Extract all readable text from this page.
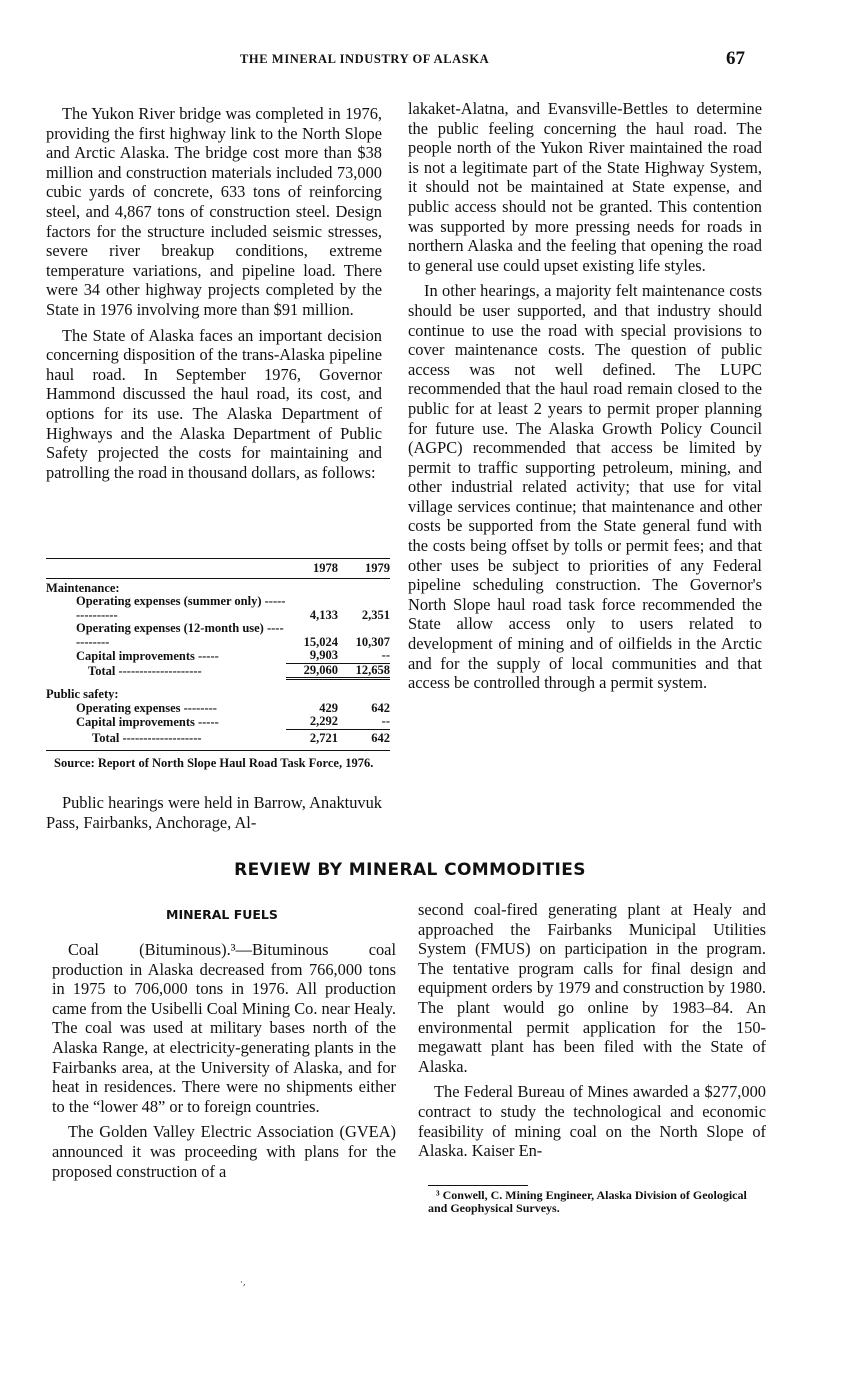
THE MINERAL INDUSTRY OF ALASKA	67

The Yukon River bridge was completed in 1976, providing the first highway link to the North Slope and Arctic Alaska. The bridge cost more than $38 million and construction materials included 73,000 cubic yards of concrete, 633 tons of reinforcing steel, and 4,867 tons of construction steel. Design factors for the structure included seismic stresses, severe river breakup conditions, extreme temperature variations, and pipeline load. There were 34 other highway projects completed by the State in 1976 involving more than $91 million.

The State of Alaska faces an important decision concerning disposition of the trans-Alaska pipeline haul road. In September 1976, Governor Hammond discussed the haul road, its cost, and options for its use. The Alaska Department of Highways and the Alaska Department of Public Safety projected the costs for maintaining and patrolling the road in thousand dollars, as follows:

	1978	1979
Maintenance:		
Operating expenses (summer only) ---------------	4,133	2,351
Operating expenses (12-month use) ------------	15,024	10,307
Capital improvements -----	9,903	--
Total --------------------	29,060	12,658
Public safety:		
Operating expenses --------	429	642
Capital improvements -----	2,292	--
Total -------------------	2,721	642
Source: Report of North Slope Haul Road Task Force, 1976.

Public hearings were held in Barrow, Anaktuvuk Pass, Fairbanks, Anchorage, Al-

lakaket-Alatna, and Evansville-Bettles to determine the public feeling concerning the haul road. The people north of the Yukon River maintained the road is not a legitimate part of the State Highway System, it should not be maintained at State expense, and public access should not be granted. This contention was supported by more pressing needs for roads in northern Alaska and the feeling that opening the road to general use could upset existing life styles.

In other hearings, a majority felt maintenance costs should be user supported, and that industry should continue to use the road with special provisions to cover maintenance costs. The question of public access was not well defined. The LUPC recommended that the haul road remain closed to the public for at least 2 years to permit proper planning for future use. The Alaska Growth Policy Council (AGPC) recommended that access be limited by permit to traffic supporting petroleum, mining, and other industrial related activity; that use for vital village services continue; that maintenance and other costs be supported from the State general fund with the costs being offset by tolls or permit fees; and that other uses be subject to priorities of any Federal pipeline scheduling construction. The Governor's North Slope haul road task force recommended the State allow access only to users related to development of mining and of oilfields in the Arctic and for the supply of local communities and that access be controlled through a permit system.

REVIEW BY MINERAL COMMODITIES
MINERAL FUELS

Coal (Bituminous).³—Bituminous coal production in Alaska decreased from 766,000 tons in 1975 to 706,000 tons in 1976. All production came from the Usibelli Coal Mining Co. near Healy. The coal was used at military bases north of the Alaska Range, at electricity-generating plants in the Fairbanks area, at the University of Alaska, and for heat in residences. There were no shipments either to the “lower 48” or to foreign countries.

The Golden Valley Electric Association (GVEA) announced it was proceeding with plans for the proposed construction of a

second coal-fired generating plant at Healy and approached the Fairbanks Municipal Utilities System (FMUS) on participation in the program. The tentative program calls for final design and equipment orders by 1979 and construction by 1980. The plant would go online by 1983–84. An environmental permit application for the 150-megawatt plant has been filed with the State of Alaska.

The Federal Bureau of Mines awarded a $277,000 contract to study the technological and economic feasibility of mining coal on the North Slope of Alaska. Kaiser En-

³ Conwell, C. Mining Engineer, Alaska Division of Geological and Geophysical Surveys.
·,
